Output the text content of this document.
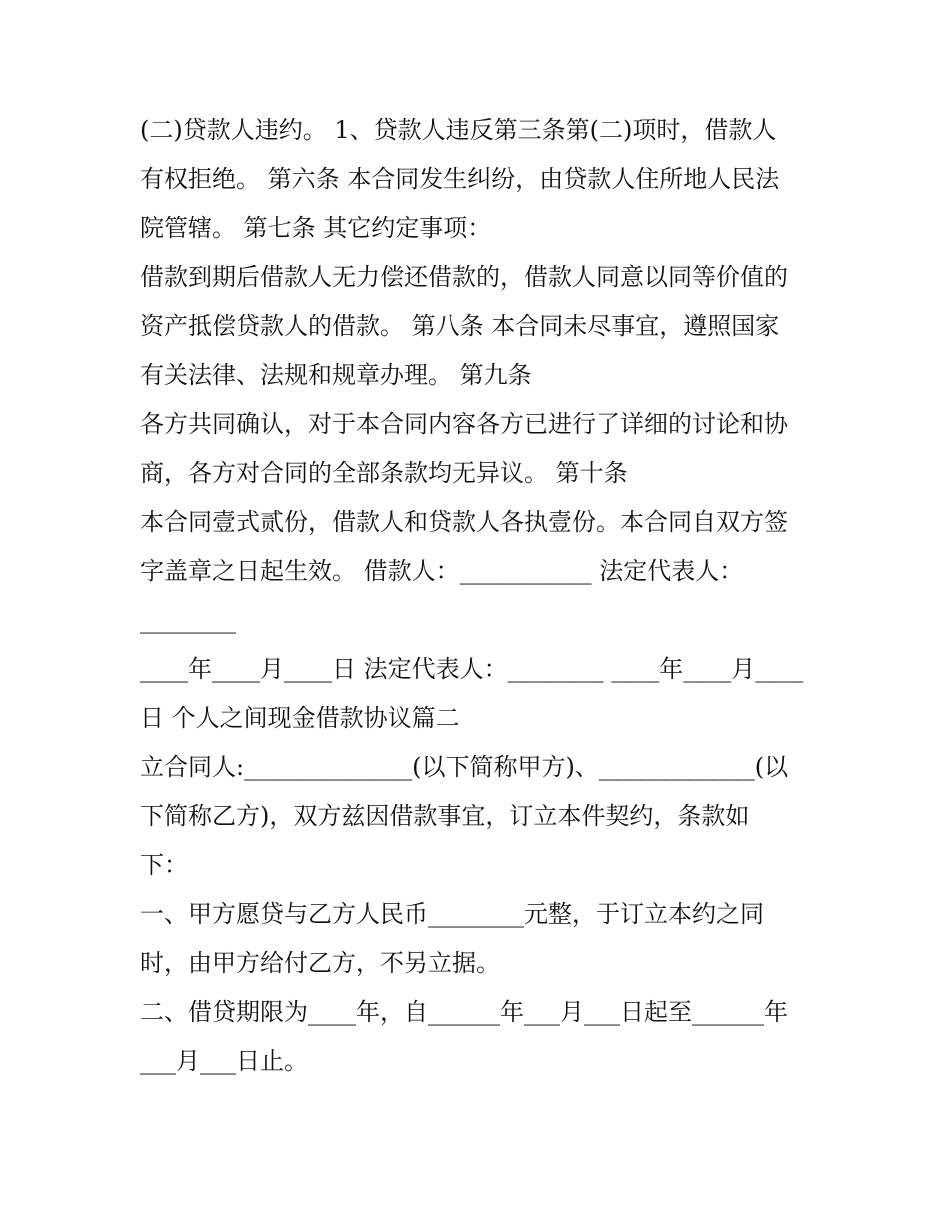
(二)贷款人违约。 1、贷款人违反第三条第(二)项时，借款人
有权拒绝。 第六条 本合同发生纠纷，由贷款人住所地人民法
院管辖。 第七条 其它约定事项：
借款到期后借款人无力偿还借款的，借款人同意以同等价值的
资产抵偿贷款人的借款。 第八条 本合同未尽事宜，遵照国家
有关法律、法规和规章办理。 第九条
各方共同确认，对于本合同内容各方已进行了详细的讨论和协
商，各方对合同的全部条款均无异议。 第十条
本合同壹式贰份，借款人和贷款人各执壹份。本合同自双方签
字盖章之日起生效。 借款人：___________ 法定代表人：
________
____年____月____日 法定代表人：________ ____年____月____
日 个人之间现金借款协议篇二
立合同人:______________(以下简称甲方)、_____________(以
下简称乙方)，双方兹因借款事宜，订立本件契约，条款如
下：
一、甲方愿贷与乙方人民币________元整，于订立本约之同
时，由甲方给付乙方，不另立据。
二、借贷期限为____年，自______年___月___日起至______年
___月___日止。
